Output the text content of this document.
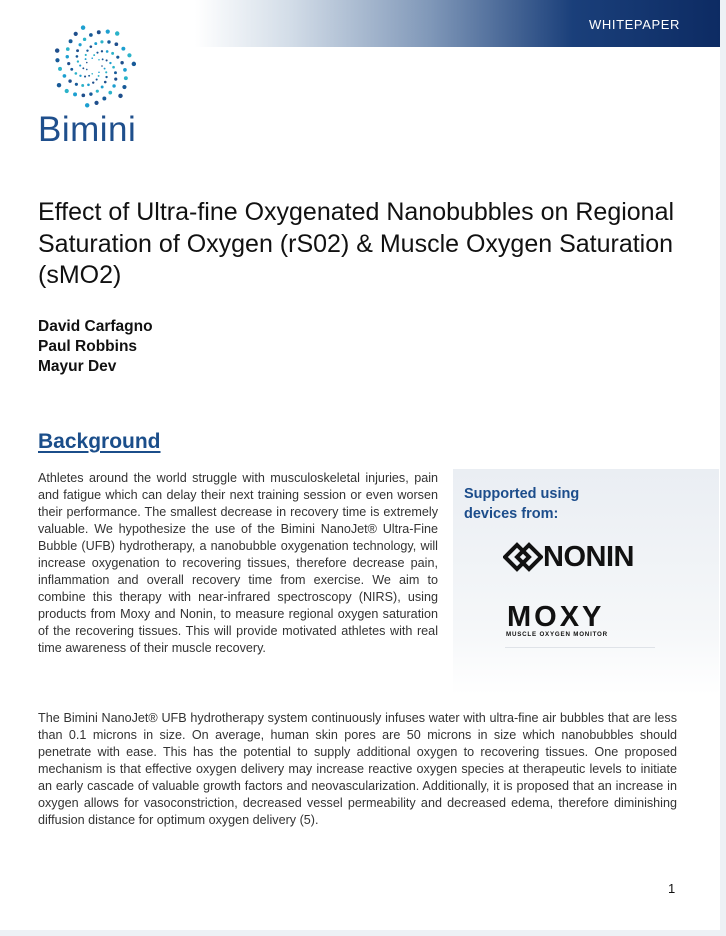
WHITEPAPER
Bimini
Effect of Ultra-fine Oxygenated Nanobubbles on Regional Saturation of Oxygen (rS02) & Muscle Oxygen Saturation (sMO2)
David Carfagno
Paul Robbins
Mayur Dev
Background

Athletes around the world struggle with musculoskeletal injuries, pain and fatigue which can delay their next training session or even worsen their performance. The smallest decrease in recovery time is extremely valuable. We hypothesize the use of the Bimini NanoJet® Ultra-Fine Bubble (UFB) hydrotherapy, a nanobubble oxygenation technology, will increase oxygenation to recovering tissues, therefore decrease pain, inflammation and overall recovery time from exercise. We aim to combine this therapy with near-infrared spectroscopy (NIRS), using products from Moxy and Nonin, to measure regional oxygen saturation of the recovering tissues. This will provide motivated athletes with real time awareness of their muscle recovery.

Supported using devices from:
NONIN
MOXY
MUSCLE OXYGEN MONITOR

The Bimini NanoJet® UFB hydrotherapy system continuously infuses water with ultra-fine air bubbles that are less than 0.1 microns in size. On average, human skin pores are 50 microns in size which nanobubbles should penetrate with ease. This has the potential to supply additional oxygen to recovering tissues. One proposed mechanism is that effective oxygen delivery may increase reactive oxygen species at therapeutic levels to initiate an early cascade of valuable growth factors and neovascularization. Additionally, it is proposed that an increase in oxygen allows for vasoconstriction, decreased vessel permeability and decreased edema, therefore diminishing diffusion distance for optimum oxygen delivery (5).

1
